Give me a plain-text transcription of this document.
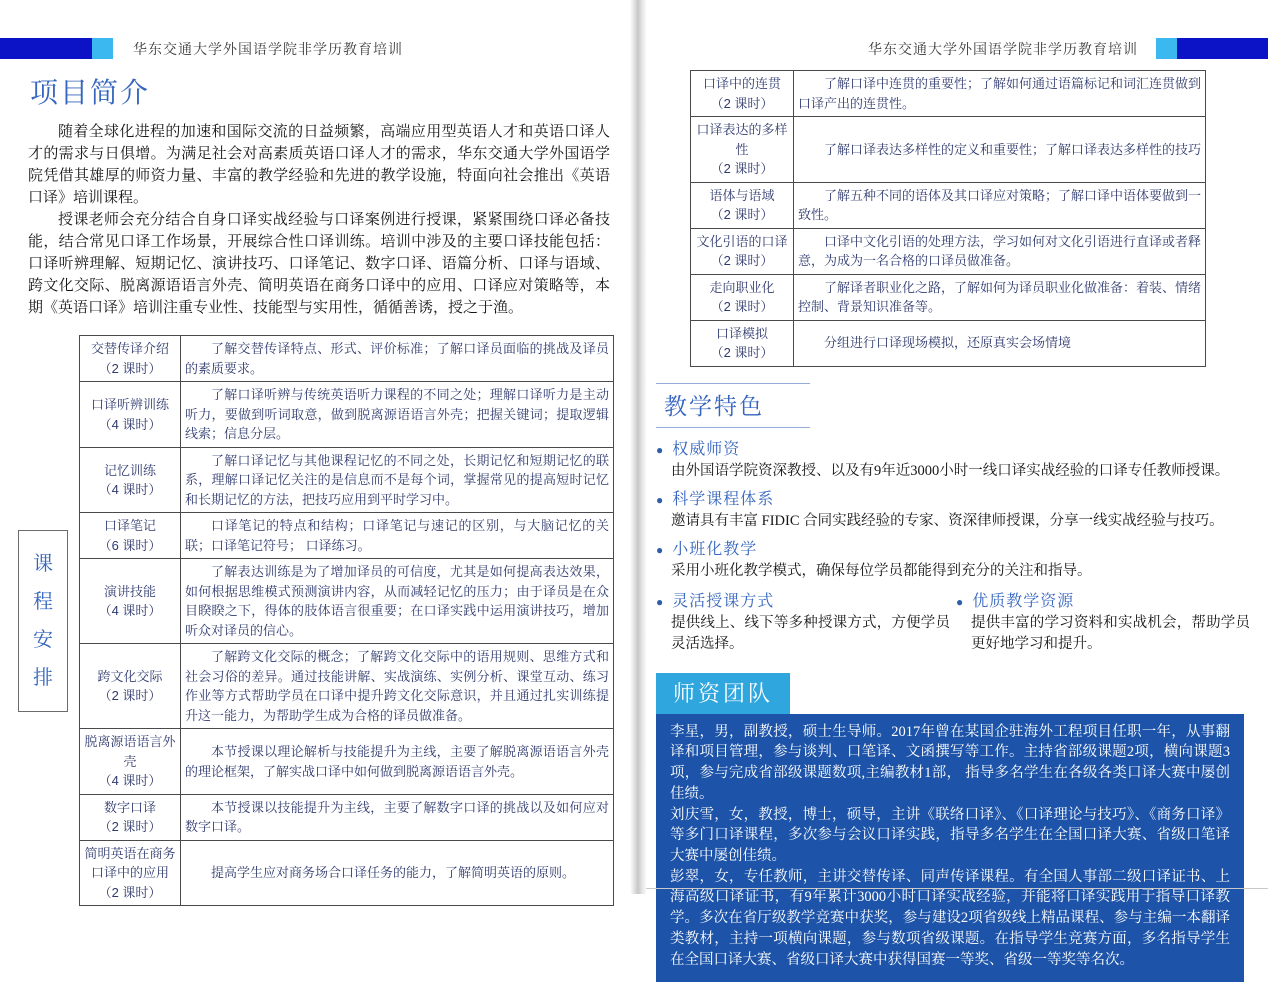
华东交通大学外国语学院非学历教育培训
项目简介

随着全球化进程的加速和国际交流的日益频繁，高端应用型英语人才和英语口译人才的需求与日俱增。为满足社会对高素质英语口译人才的需求，华东交通大学外国语学院凭借其雄厚的师资力量、丰富的教学经验和先进的教学设施，特面向社会推出《英语口译》培训课程。

授课老师会充分结合自身口译实战经验与口译案例进行授课，紧紧围绕口译必备技能，结合常见口译工作场景，开展综合性口译训练。培训中涉及的主要口译技能包括：口译听辨理解、短期记忆、演讲技巧、口译笔记、数字口译、语篇分析、口译与语域、跨文化交际、脱离源语语言外壳、简明英语在商务口译中的应用、口译应对策略等，本期《英语口译》培训注重专业性、技能型与实用性，循循善诱，授之于渔。

课程安排
交替传译介绍
（2 课时）	了解交替传译特点、形式、评价标准；了解口译员面临的挑战及译员的素质要求。

口译听辨训练
（4 课时）	了解口译听辨与传统英语听力课程的不同之处；理解口译听力是主动听力，要做到听词取意，做到脱离源语语言外壳；把握关键词；提取逻辑线索；信息分层。

记忆训练
（4 课时）	了解口译记忆与其他课程记忆的不同之处，长期记忆和短期记忆的联系，理解口译记忆关注的是信息而不是每个词，掌握常见的提高短时记忆和长期记忆的方法，把技巧应用到平时学习中。

口译笔记
（6 课时）	口译笔记的特点和结构；口译笔记与速记的区别，与大脑记忆的关联；口译笔记符号； 口译练习。

演讲技能
（4 课时）	了解表达训练是为了增加译员的可信度，尤其是如何提高表达效果，如何根据思维模式预测演讲内容，从而减轻记忆的压力；由于译员是在众目睽睽之下，得体的肢体语言很重要；在口译实践中运用演讲技巧，增加听众对译员的信心。

跨文化交际
（2 课时）	了解跨文化交际的概念；了解跨文化交际中的语用规则、思维方式和社会习俗的差异。通过技能讲解、实战演练、实例分析、课堂互动、练习作业等方式帮助学员在口译中提升跨文化交际意识，并且通过扎实训练提升这一能力，为帮助学生成为合格的译员做准备。

脱离源语语言外壳
（4 课时）	本节授课以理论解析与技能提升为主线，主要了解脱离源语语言外壳的理论框架，了解实战口译中如何做到脱离源语语言外壳。

数字口译
（2 课时）	本节授课以技能提升为主线，主要了解数字口译的挑战以及如何应对数字口译。

简明英语在商务口译中的应用
（2 课时）	提高学生应对商务场合口译任务的能力，了解简明英语的原则。
华东交通大学外国语学院非学历教育培训
口译中的连贯
（2 课时）	了解口译中连贯的重要性；了解如何通过语篇标记和词汇连贯做到口译产出的连贯性。

口译表达的多样性
（2 课时）	了解口译表达多样性的定义和重要性；了解口译表达多样性的技巧

语体与语域
（2 课时）	了解五种不同的语体及其口译应对策略；了解口译中语体要做到一致性。

文化引语的口译
（2 课时）	口译中文化引语的处理方法，学习如何对文化引语进行直译或者释意，为成为一名合格的口译员做准备。

走向职业化
（2 课时）	了解译者职业化之路，了解如何为译员职业化做准备：着装、情绪控制、背景知识准备等。

口译模拟
（2 课时）	分组进行口译现场模拟，还原真实会场情境
教学特色
● 权威师资
由外国语学院资深教授、以及有9年近3000小时一线口译实战经验的口译专任教师授课。
● 科学课程体系
邀请具有丰富 FIDIC 合同实践经验的专家、资深律师授课，分享一线实战经验与技巧。
● 小班化教学
采用小班化教学模式，确保每位学员都能得到充分的关注和指导。
● 灵活授课方式
提供线上、线下等多种授课方式，方便学员灵活选择。
● 优质教学资源
提供丰富的学习资料和实战机会，帮助学员更好地学习和提升。
师资团队

李星，男，副教授，硕士生导师。2017年曾在某国企驻海外工程项目任职一年，从事翻译和项目管理，参与谈判、口笔译、文函撰写等工作。主持省部级课题2项，横向课题3项，参与完成省部级课题数项,主编教材1部， 指导多名学生在各级各类口译大赛中屡创佳绩。

刘庆雪，女，教授，博士，硕导，主讲《联络口译》、《口译理论与技巧》、《商务口译》等多门口译课程，多次参与会议口译实践，指导多名学生在全国口译大赛、省级口笔译大赛中屡创佳绩。

彭翠，女，专任教师，主讲交替传译、同声传译课程。有全国人事部二级口译证书、上海高级口译证书，有9年累计3000小时口译实战经验，并能将口译实践用于指导口译教学。多次在省厅级教学竞赛中获奖，参与建设2项省级线上精品课程、参与主编一本翻译类教材，主持一项横向课题，参与数项省级课题。在指导学生竞赛方面，多名指导学生在全国口译大赛、省级口译大赛中获得国赛一等奖、省级一等奖等名次。
